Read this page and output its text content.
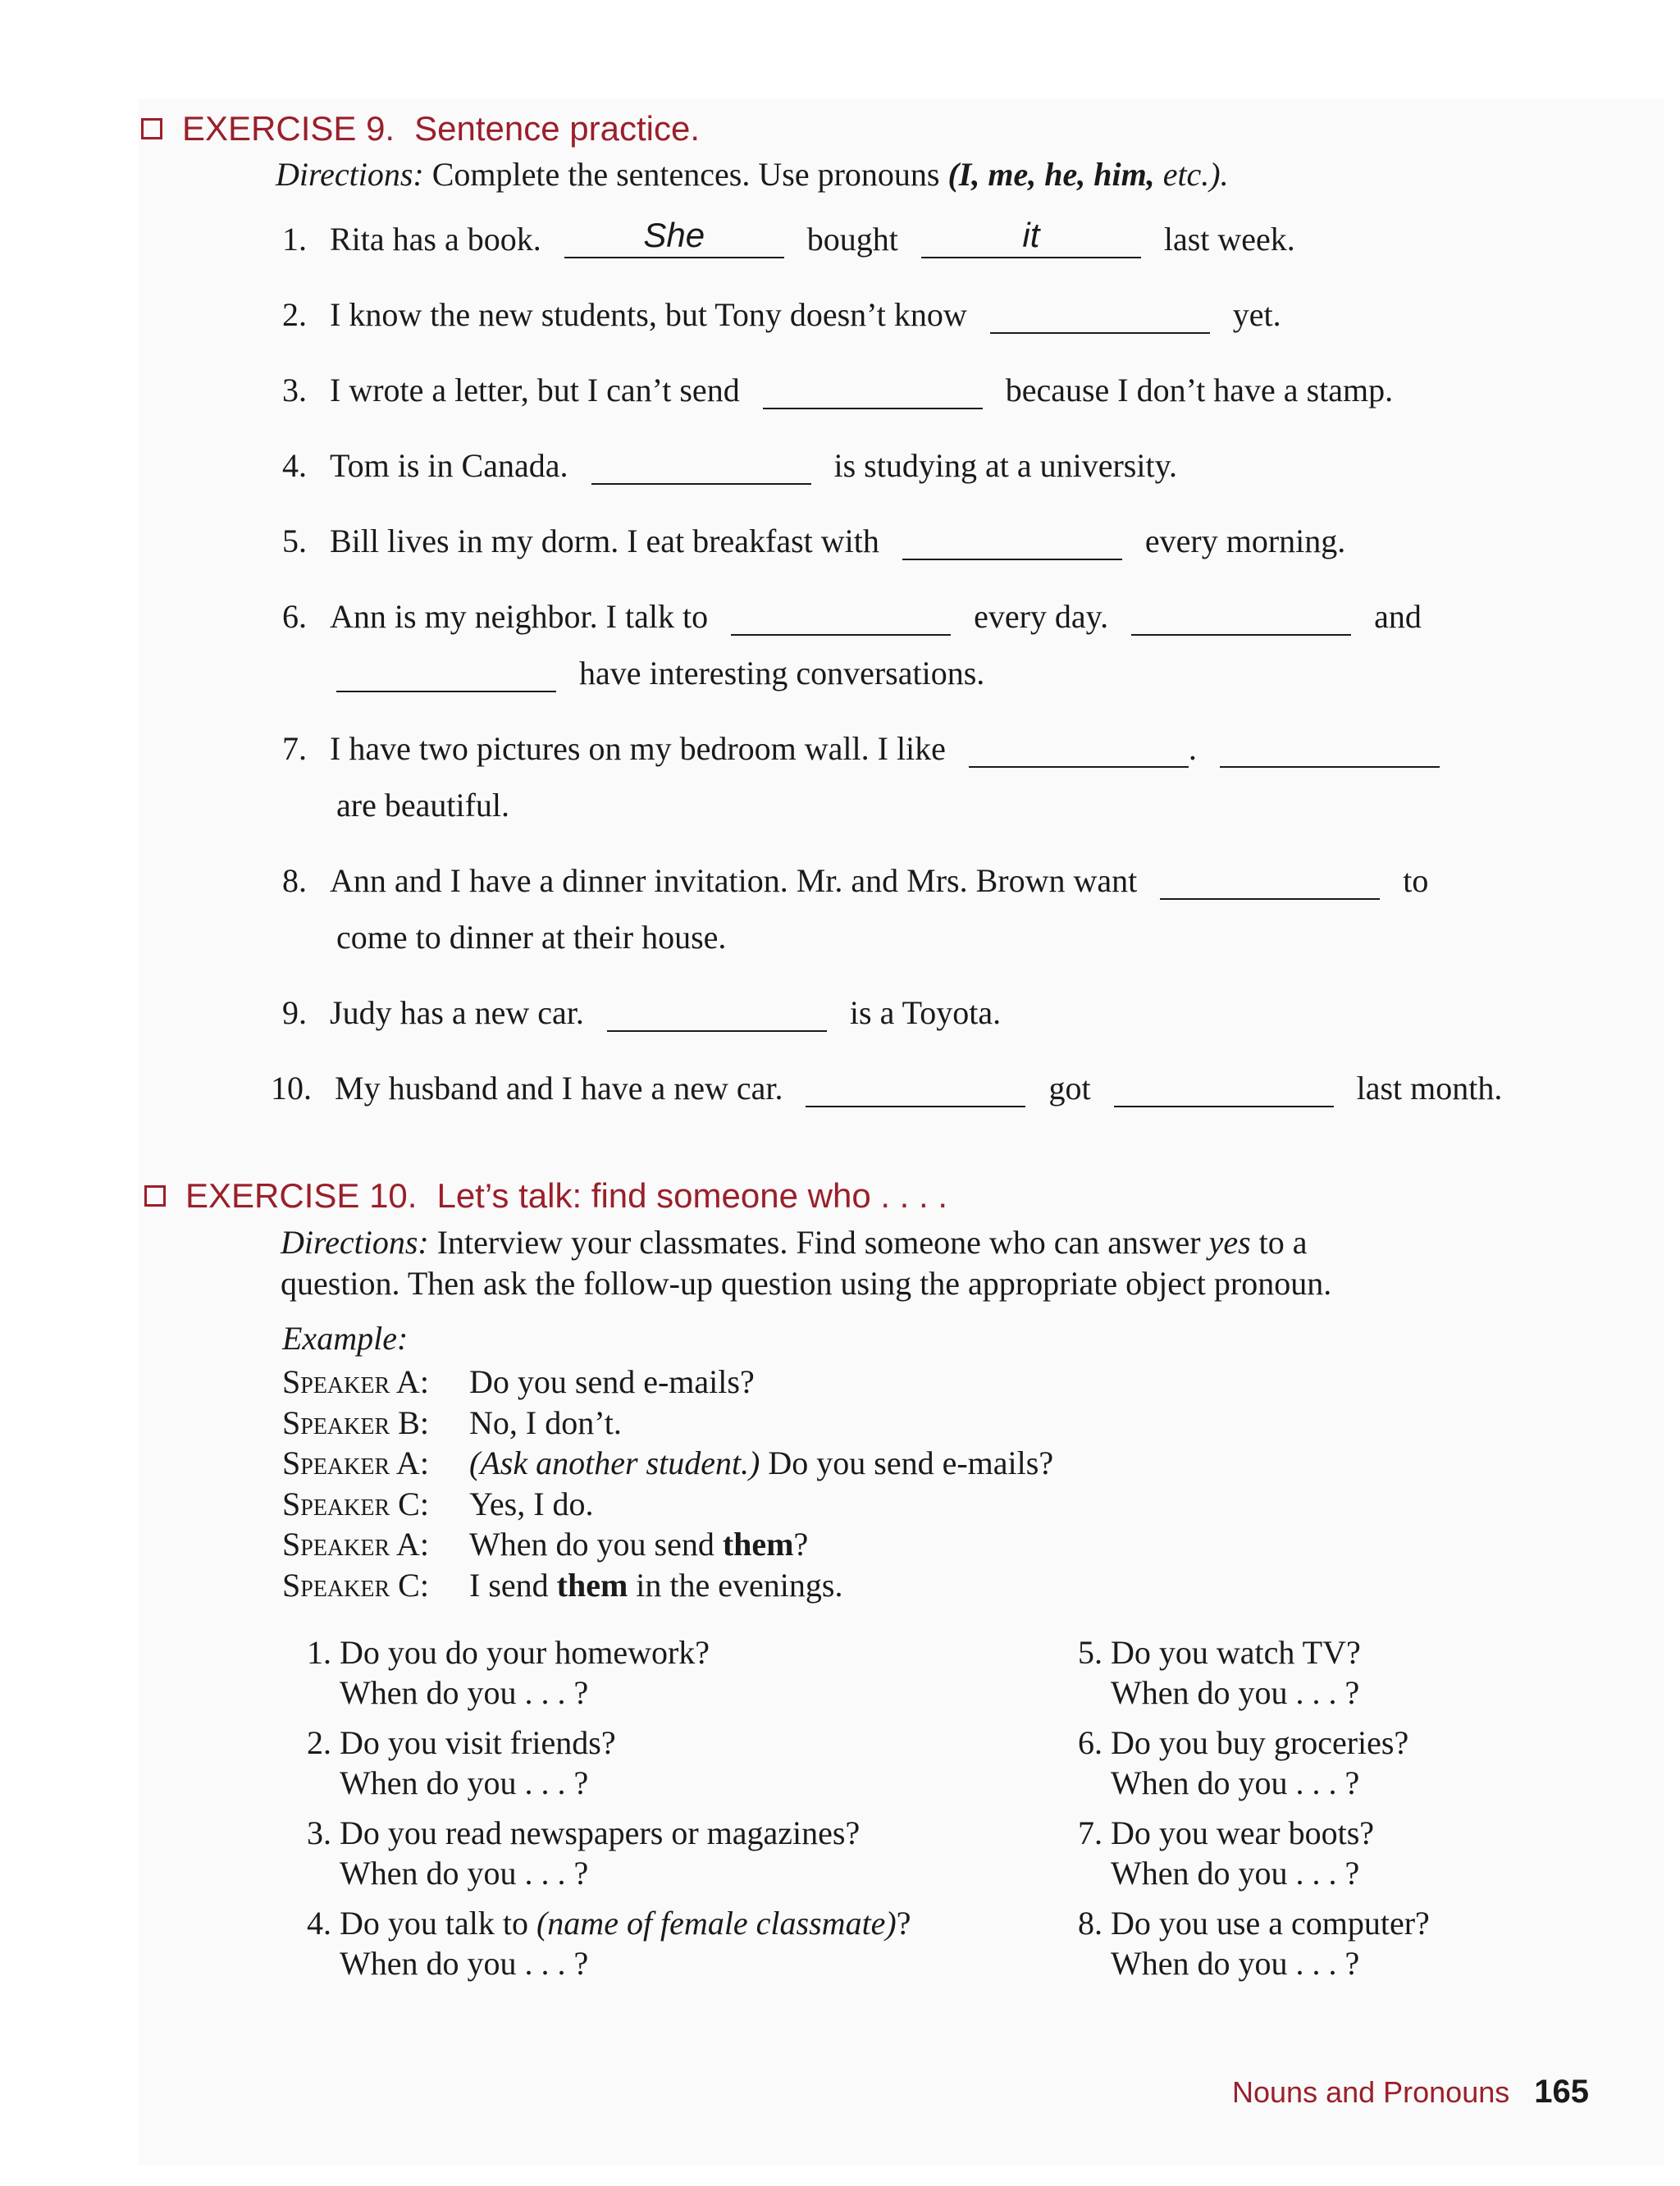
EXERCISE 9. Sentence practice.
Directions: Complete the sentences. Use pronouns (I, me, he, him, etc.).
1. Rita has a book.	She	bought	it	last week.
2. I know the new students, but Tony doesn’t know	yet.
3. I wrote a letter, but I can’t send	because I don’t have a stamp.
4. Tom is in Canada.	is studying at a university.
5. Bill lives in my dorm. I eat breakfast with	every morning.
6. Ann is my neighbor. I talk to	every day.	and
have interesting conversations.
7. I have two pictures on my bedroom wall. I like	.
are beautiful.
8. Ann and I have a dinner invitation. Mr. and Mrs. Brown want	to
come to dinner at their house.
9. Judy has a new car.	is a Toyota.
10. My husband and I have a new car.	got	last month.
EXERCISE 10. Let’s talk: find someone who . . . .
Directions: Interview your classmates. Find someone who can answer yes to a
question. Then ask the follow-up question using the appropriate object pronoun.
Example:
Speaker A: Do you send e-mails?
Speaker B: No, I don’t.
Speaker A: (Ask another student.) Do you send e-mails?
Speaker C: Yes, I do.
Speaker A: When do you send them?
Speaker C: I send them in the evenings.
1. Do you do your homework?
When do you . . . ?
2. Do you visit friends?
When do you . . . ?
3. Do you read newspapers or magazines?
When do you . . . ?
4. Do you talk to (name of female classmate)?
When do you . . . ?
5. Do you watch TV?
When do you . . . ?
6. Do you buy groceries?
When do you . . . ?
7. Do you wear boots?
When do you . . . ?
8. Do you use a computer?
When do you . . . ?
Nouns and Pronouns 165
